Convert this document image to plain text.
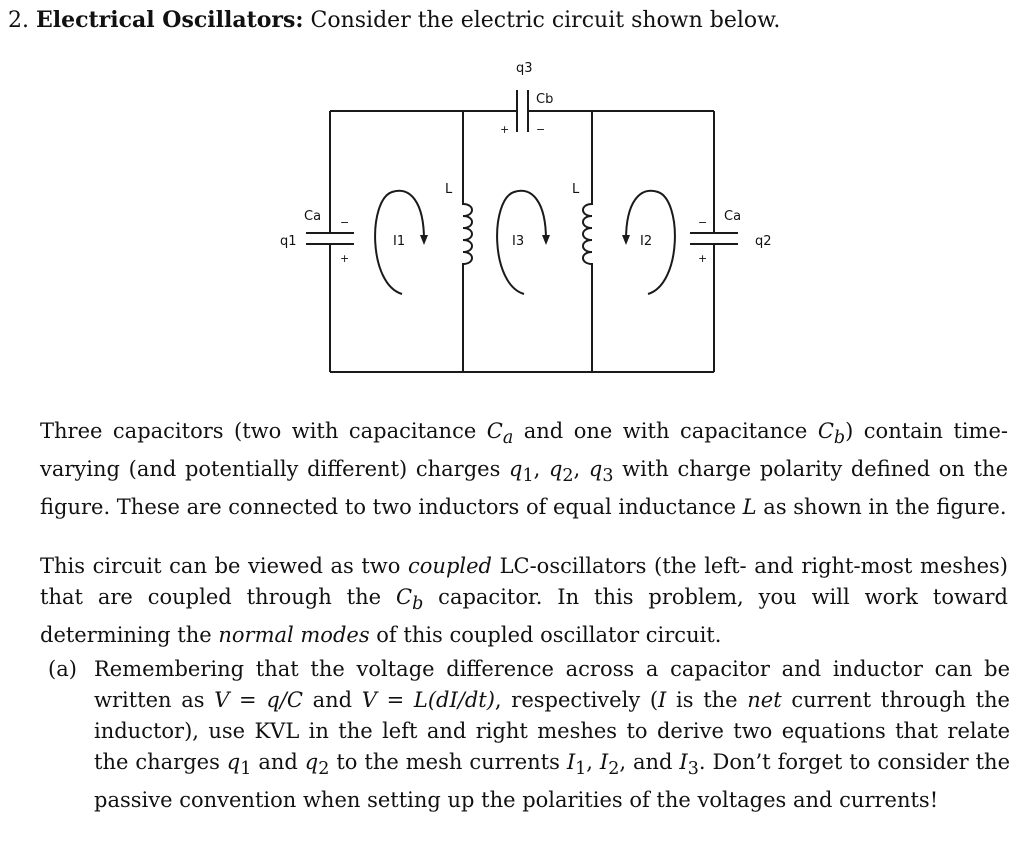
2. Electrical Oscillators: Consider the electric circuit shown below.
q3
Cb
+ −
Ca −
+
q1
Ca
−
+
q2
L	L
I1	I3	I2
Three capacitors (two with capacitance $C_a$ and one with capacitance $C_b$) contain time-varying (and potentially different) charges $q_1$, $q_2$, $q_3$ with charge polarity defined on the figure. These are connected to two inductors of equal inductance L as shown in the figure.
This circuit can be viewed as two coupled LC-oscillators (the left- and right-most meshes) that are coupled through the $C_b$ capacitor. In this problem, you will work toward determining the normal modes of this coupled oscillator circuit.
(a) Remembering that the voltage difference across a capacitor and inductor can be written as V = q/C and V = L(dI/dt), respectively (I is the net current through the inductor), use KVL in the left and right meshes to derive two equations that relate the charges $q_1$ and $q_2$ to the mesh currents $I_1$, $I_2$, and $I_3$. Don’t forget to consider the passive convention when setting up the polarities of the voltages and currents!
